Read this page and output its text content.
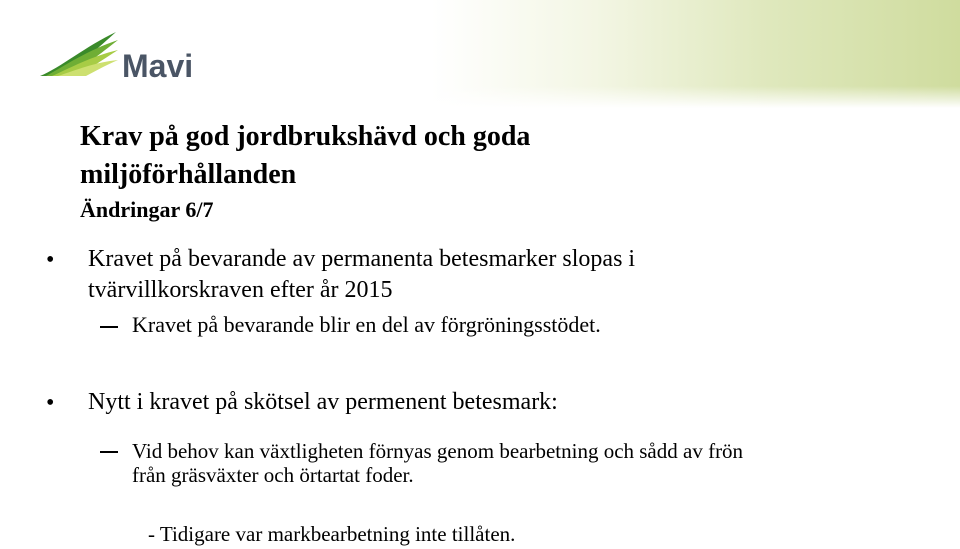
Mavi
Krav på god jordbrukshävd och goda miljöförhållanden
Ändringar 6/7
• Kravet på bevarande av permanenta betesmarker slopas i
tvärvillkorskraven efter år 2015
Kravet på bevarande blir en del av förgröningsstödet.
• Nytt i kravet på skötsel av permenent betesmark:
Vid behov kan växtligheten förnyas genom bearbetning och sådd av frön
från gräsväxter och örtartat foder.
- Tidigare var markbearbetning inte tillåten.
